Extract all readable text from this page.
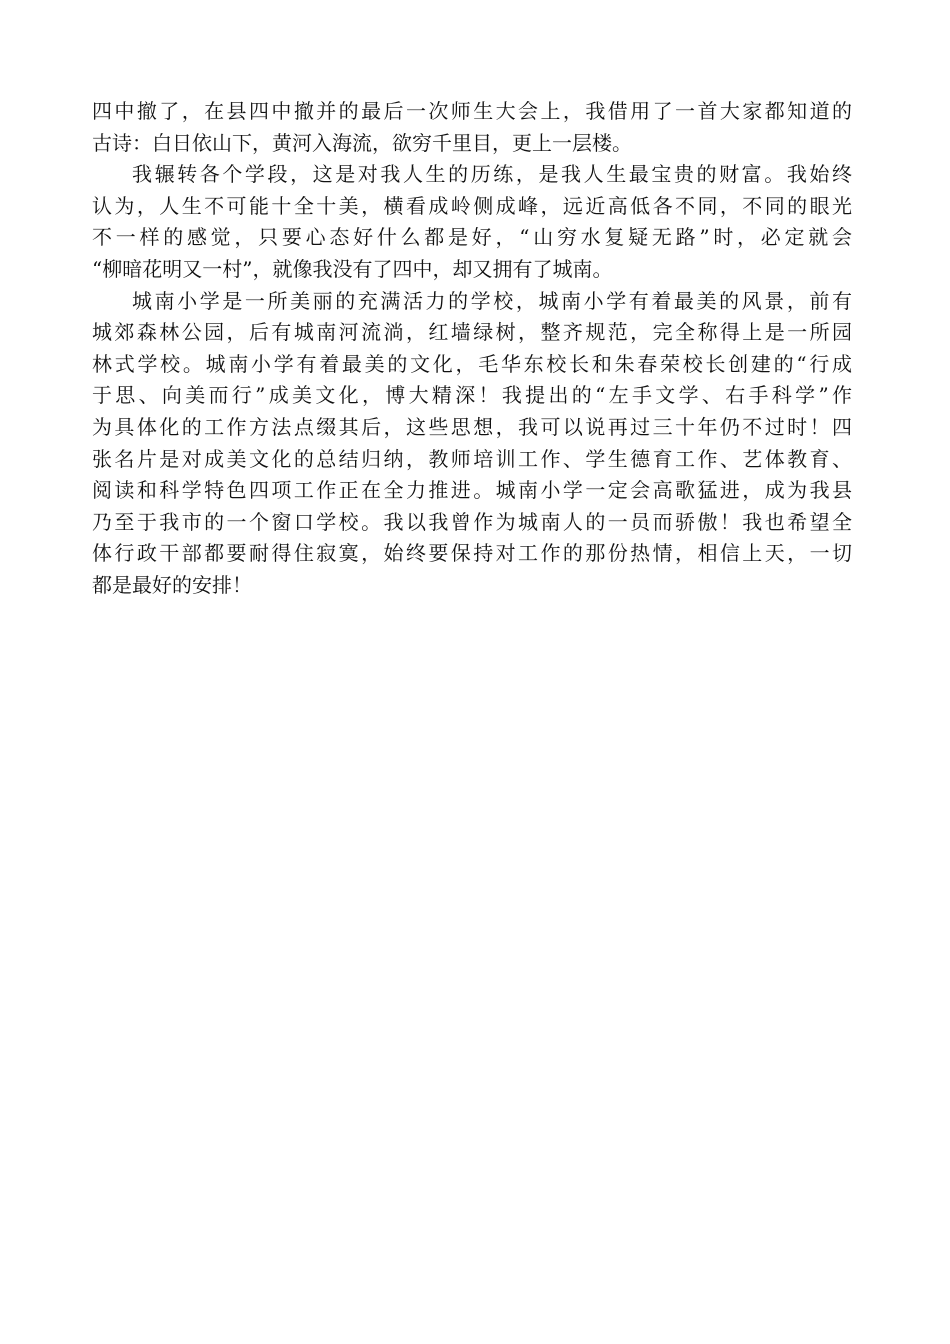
四中撤了，在县四中撤并的最后一次师生大会上，我借用了一首大家都知道的
古诗：白日依山下，黄河入海流，欲穷千里目，更上一层楼。
我辗转各个学段，这是对我人生的历练，是我人生最宝贵的财富。我始终
认为，人生不可能十全十美，横看成岭侧成峰，远近高低各不同，不同的眼光
不一样的感觉，只要心态好什么都是好，“山穷水复疑无路”时，必定就会
“柳暗花明又一村”，就像我没有了四中，却又拥有了城南。
城南小学是一所美丽的充满活力的学校，城南小学有着最美的风景，前有
城郊森林公园，后有城南河流淌，红墙绿树，整齐规范，完全称得上是一所园
林式学校。城南小学有着最美的文化，毛华东校长和朱春荣校长创建的“行成
于思、向美而行”成美文化，博大精深！我提出的“左手文学、右手科学”作
为具体化的工作方法点缀其后，这些思想，我可以说再过三十年仍不过时！四
张名片是对成美文化的总结归纳，教师培训工作、学生德育工作、艺体教育、
阅读和科学特色四项工作正在全力推进。城南小学一定会高歌猛进，成为我县
乃至于我市的一个窗口学校。我以我曾作为城南人的一员而骄傲！我也希望全
体行政干部都要耐得住寂寞，始终要保持对工作的那份热情，相信上天，一切
都是最好的安排！
